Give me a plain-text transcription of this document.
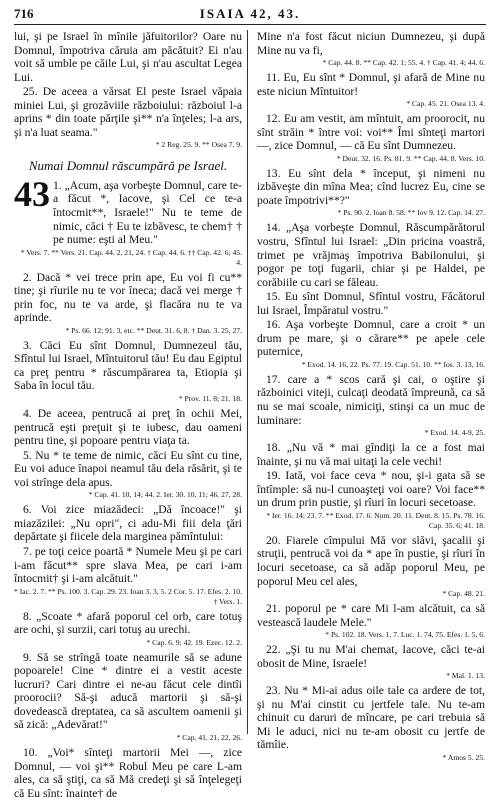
716	ISAIA 42, 43.

lui, şi pe Israel în mînile jăfuitorilor? Oare nu Domnul, împotriva căruia am păcătuit? Ei n'au voit să umble pe căile Lui, şi n'au ascultat Legea Lui.

25. De aceea a vărsat El peste Israel văpaia miniei Lui, şi grozăviile războiului: războiul l-a aprins * din toate părţile şi** n'a înţeles; l-a ars, şi n'a luat seama."

* 2 Reg. 25. 9. ** Osea 7. 9.
Numai Domnul răscumpără pe Israel.
43 1. „Acum, aşa vorbeşte Domnul, care te-a făcut *, Iacove, şi Cel ce te-a întocmit**, Israele!" Nu te teme de nimic, căci † Eu te izbăvesc, te chem† † pe nume: eşti al Meu."

* Vers. 7. ** Vers. 21. Cap. 44. 2, 21, 24. † Cap. 44. 6. †† Cap. 42. 6; 45. 4.

2. Dacă * vei trece prin ape, Eu voi fi cu** tine; şi rîurile nu te vor îneca; dacă vei merge † prin foc, nu te va arde, şi flacăra nu te va aprinde.

* Ps. 66. 12; 91. 3, etc. ** Deut. 31. 6, 8. † Dan. 3. 25, 27.

3. Căci Eu sînt Domnul, Dumnezeul tău, Sfîntul lui Israel, Mîntuitorul tău! Eu dau Egiptul ca preţ pentru * răscumpărarea ta, Etiopia şi Saba în locul tău.

* Prov. 11. 8; 21. 18.

4. De aceea, pentrucă ai preţ în ochii Mei, pentrucă eşti preţuit şi te iubesc, dau oameni pentru tine, şi popoare pentru viaţa ta.

5. Nu * te teme de nimic, căci Eu sînt cu tine, Eu voi aduce înapoi neamul tău dela răsărit, şi te voi strînge dela apus.

* Cap. 41. 10, 14; 44. 2. Ier. 30. 10, 11; 46. 27, 28.

6. Voi zice miazădeci: „Dă încoace!" şi miazăzilei: „Nu opri", ci adu-Mi fiii dela ţări depărtate şi fiicele dela marginea pămîntului:

7. pe toţi ceice poartă * Numele Meu şi pe cari i-am făcut** spre slava Mea, pe cari i-am întocmit† şi i-am alcătuit."

* Iac. 2. 7. ** Ps. 100. 3. Cap. 29. 23. Ioan 3. 3, 5. 2 Cor. 5. 17. Efes. 2. 10. † Vers. 1.

8. „Scoate * afară poporul cel orb, care totuş are ochi, şi surzii, cari totuş au urechi.

* Cap. 6. 9; 42. 19. Ezec. 12. 2.

9. Să se strîngă toate neamurile să se adune popoarele! Cine * dintre ei a vestit aceste lucruri? Cari dintre ei ne-au făcut cele dintîi proorocii? Să-şi aducă martorii şi să-şi dovedească dreptatea, ca să ascultem oamenii şi să zică: „Adevărat!"

* Cap. 41. 21, 22, 26.

10. „Voi* sînteţi martorii Mei —, zice Domnul, — voi şi** Robul Meu pe care L-am ales, ca să ştiţi, ca să Mă credeţi şi să înţelegeţi că Eu sînt: înainte† de

Mine n'a fost făcut niciun Dumnezeu, şi după Mine nu va fi,

* Cap. 44. 8. ** Cap. 42. 1; 55. 4. † Cap. 41. 4; 44. 6.

11. Eu, Eu sînt * Domnul, şi afară de Mine nu este niciun Mîntuitor!

* Cap. 45. 21. Osea 13. 4.

12. Eu am vestit, am mîntuit, am proorocit, nu sînt străin * între voi: voi** Îmi sînteţi martori —, zice Domnul, — că Eu sînt Dumnezeu.

* Deut. 32. 16. Ps. 81. 9. ** Cap. 44. 8. Vers. 10.

13. Eu sînt dela * început, şi nimeni nu izbăveşte din mîna Mea; cînd lucrez Eu, cine se poate împotrivi**?"

* Ps. 90. 2. Ioan 8. 58. ** Iov 9. 12. Cap. 14. 27.

14. „Aşa vorbeşte Domnul, Răscumpărătorul vostru, Sfîntul lui Israel: „Din pricina voastră, trimet pe vrăjmaş împotriva Babilonului, şi pogor pe toţi fugarii, chiar şi pe Haldei, pe corăbiile cu cari se făleau.

15. Eu sînt Domnul, Sfîntul vostru, Făcătorul lui Israel, Împăratul vostru."

16. Aşa vorbeşte Domnul, care a croit * un drum pe mare, şi o cărare** pe apele cele puternice,

* Exod. 14. 16, 22. Ps. 77. 19. Cap. 51. 10. ** Ios. 3. 13, 16.

17. care a * scos cară şi cai, o oştire şi războinici viteji, culcaţi deodată împreună, ca să nu se mai scoale, nimiciţi, stinşi ca un muc de luminare:

* Exod. 14. 4-9, 25.

18. „Nu vă * mai gîndiţi la ce a fost mai înainte, şi nu vă mai uitaţi la cele vechi!

19. Iată, voi face ceva * nou, şi-i gata să se întîmple: să nu-l cunoaşteţi voi oare? Voi face** un drum prin pustie, şi rîuri în locuri secetoase.

* Ier. 16. 14; 23. 7. ** Exod. 17. 6. Num. 20. 11. Deut. 8. 15. Ps. 78. 16. Cap. 35. 6; 41. 18.

20. Fiarele cîmpului Mă vor slăvi, şacalii şi struţii, pentrucă voi da * ape în pustie, şi rîuri în locuri secetoase, ca să adăp poporul Meu, pe poporul Meu cel ales,

* Cap. 48. 21.

21. poporul pe * care Mi l-am alcătuit, ca să vestească laudele Mele."

* Ps. 102. 18. Vers. 1, 7. Luc. 1. 74, 75. Efes. 1. 5, 6.

22. „Şi tu nu M'ai chemat, Iacove, căci te-ai obosit de Mine, Israele!

* Mal. 1. 13.

23. Nu * Mi-ai adus oile tale ca ardere de tot, şi nu M'ai cinstit cu jertfele tale. Nu te-am chinuit cu daruri de mîncare, pe cari trebuia să Mi le aduci, nici nu te-am obosit cu jertfe de tămîie.

* Amos 5. 25.
